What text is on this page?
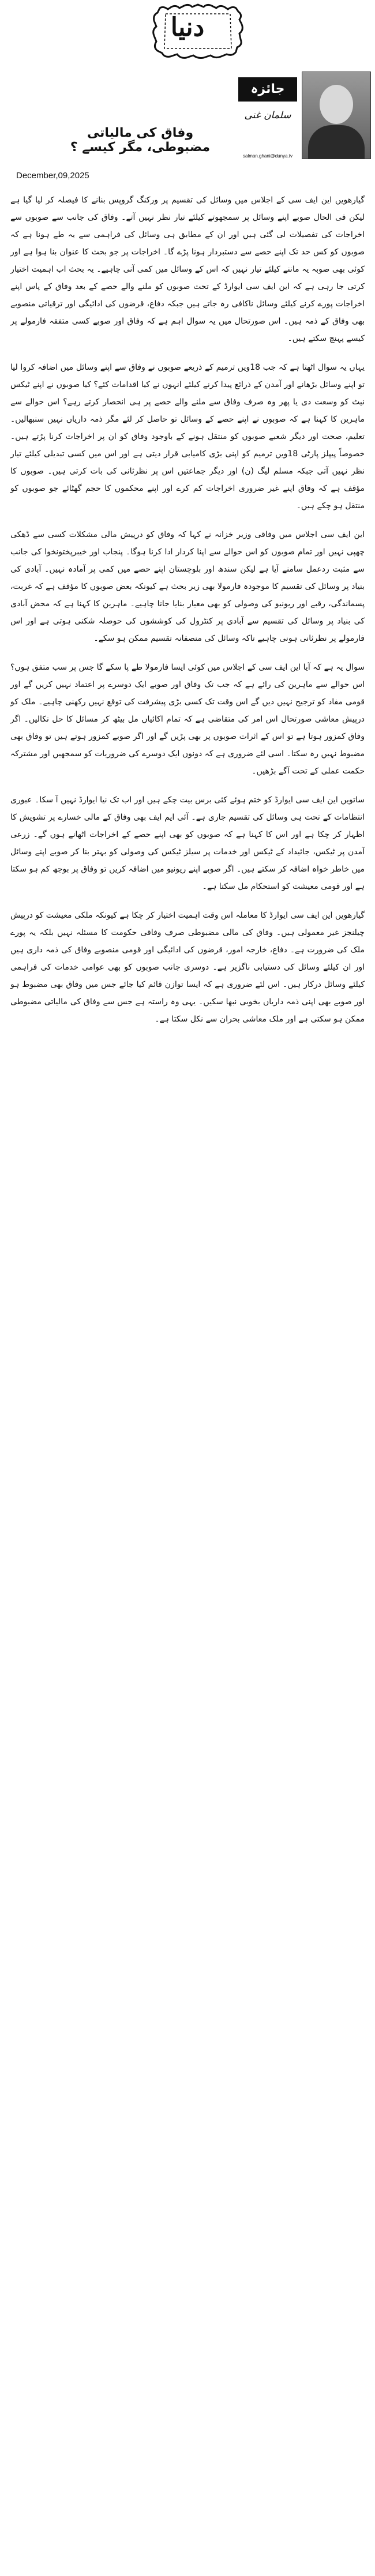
دنیا
وفاق کی مالیاتی مضبوطی، مگر کیسے ؟
December,09,2025
جائزہ
سلمان غنی
salman.ghani@dunya.tv

گیارھویں این ایف سی کے اجلاس میں وسائل کی تقسیم پر ورکنگ گروپس بنانے کا فیصلہ کر لیا گیا ہے لیکن فی الحال صوبے اپنے وسائل پر سمجھوتے کیلئے تیار نظر نہیں آتے۔ وفاق کی جانب سے صوبوں سے اخراجات کی تفصیلات لی گئی ہیں اور ان کے مطابق ہی وسائل کی فراہمی سے یہ طے ہونا ہے کہ صوبوں کو کس حد تک اپنے حصے سے دستبردار ہونا پڑے گا۔ اخراجات پر جو بحث کا عنوان بنا ہوا ہے اور کوئی بھی صوبہ یہ ماننے کیلئے تیار نہیں کہ اس کے وسائل میں کمی آنی چاہیے۔ یہ بحث اب اہمیت اختیار کرتی جا رہی ہے کہ این ایف سی ایوارڈ کے تحت صوبوں کو ملنے والے حصے کے بعد وفاق کے پاس اپنے اخراجات پورے کرنے کیلئے وسائل ناکافی رہ جاتے ہیں جبکہ دفاع، قرضوں کی ادائیگی اور ترقیاتی منصوبے بھی وفاق کے ذمہ ہیں۔ اس صورتحال میں یہ سوال اہم ہے کہ وفاق اور صوبے کسی متفقہ فارمولے پر کیسے پہنچ سکتے ہیں۔

یہاں یہ سوال اٹھتا ہے کہ جب 18ویں ترمیم کے ذریعے صوبوں نے وفاق سے اپنے وسائل میں اضافہ کروا لیا تو اپنے وسائل بڑھانے اور آمدن کے ذرائع پیدا کرنے کیلئے انہوں نے کیا اقدامات کئے؟ کیا صوبوں نے اپنے ٹیکس نیٹ کو وسعت دی یا پھر وہ صرف وفاق سے ملنے والے حصے پر ہی انحصار کرتے رہے؟ اس حوالے سے ماہرین کا کہنا ہے کہ صوبوں نے اپنے حصے کے وسائل تو حاصل کر لئے مگر ذمہ داریاں نہیں سنبھالیں۔ تعلیم، صحت اور دیگر شعبے صوبوں کو منتقل ہونے کے باوجود وفاق کو ان پر اخراجات کرنا پڑتے ہیں۔ خصوصاً پیپلز پارٹی 18ویں ترمیم کو اپنی بڑی کامیابی قرار دیتی ہے اور اس میں کسی تبدیلی کیلئے تیار نظر نہیں آتی جبکہ مسلم لیگ (ن) اور دیگر جماعتیں اس پر نظرثانی کی بات کرتی ہیں۔ صوبوں کا مؤقف ہے کہ وفاق اپنے غیر ضروری اخراجات کم کرے اور اپنے محکموں کا حجم گھٹائے جو صوبوں کو منتقل ہو چکے ہیں۔

این ایف سی اجلاس میں وفاقی وزیر خزانہ نے کہا کہ وفاق کو درپیش مالی مشکلات کسی سے ڈھکی چھپی نہیں اور تمام صوبوں کو اس حوالے سے اپنا کردار ادا کرنا ہوگا۔ پنجاب اور خیبرپختونخوا کی جانب سے مثبت ردعمل سامنے آیا ہے لیکن سندھ اور بلوچستان اپنے حصے میں کمی پر آمادہ نہیں۔ آبادی کی بنیاد پر وسائل کی تقسیم کا موجودہ فارمولا بھی زیر بحث ہے کیونکہ بعض صوبوں کا مؤقف ہے کہ غربت، پسماندگی، رقبے اور ریونیو کی وصولی کو بھی معیار بنایا جانا چاہیے۔ ماہرین کا کہنا ہے کہ محض آبادی کی بنیاد پر وسائل کی تقسیم سے آبادی پر کنٹرول کی کوششوں کی حوصلہ شکنی ہوتی ہے اور اس فارمولے پر نظرثانی ہونی چاہیے تاکہ وسائل کی منصفانہ تقسیم ممکن ہو سکے۔

سوال یہ ہے کہ آیا این ایف سی کے اجلاس میں کوئی ایسا فارمولا طے پا سکے گا جس پر سب متفق ہوں؟ اس حوالے سے ماہرین کی رائے ہے کہ جب تک وفاق اور صوبے ایک دوسرے پر اعتماد نہیں کریں گے اور قومی مفاد کو ترجیح نہیں دیں گے اس وقت تک کسی بڑی پیشرفت کی توقع نہیں رکھنی چاہیے۔ ملک کو درپیش معاشی صورتحال اس امر کی متقاضی ہے کہ تمام اکائیاں مل بیٹھ کر مسائل کا حل نکالیں۔ اگر وفاق کمزور ہوتا ہے تو اس کے اثرات صوبوں پر بھی پڑیں گے اور اگر صوبے کمزور ہوتے ہیں تو وفاق بھی مضبوط نہیں رہ سکتا۔ اسی لئے ضروری ہے کہ دونوں ایک دوسرے کی ضروریات کو سمجھیں اور مشترکہ حکمت عملی کے تحت آگے بڑھیں۔

ساتویں این ایف سی ایوارڈ کو ختم ہوئے کئی برس بیت چکے ہیں اور اب تک نیا ایوارڈ نہیں آ سکا۔ عبوری انتظامات کے تحت ہی وسائل کی تقسیم جاری ہے۔ آئی ایم ایف بھی وفاق کے مالی خسارے پر تشویش کا اظہار کر چکا ہے اور اس کا کہنا ہے کہ صوبوں کو بھی اپنے حصے کے اخراجات اٹھانے ہوں گے۔ زرعی آمدن پر ٹیکس، جائیداد کے ٹیکس اور خدمات پر سیلز ٹیکس کی وصولی کو بہتر بنا کر صوبے اپنے وسائل میں خاطر خواہ اضافہ کر سکتے ہیں۔ اگر صوبے اپنے ریونیو میں اضافہ کریں تو وفاق پر بوجھ کم ہو سکتا ہے اور قومی معیشت کو استحکام مل سکتا ہے۔

گیارھویں این ایف سی ایوارڈ کا معاملہ اس وقت اہمیت اختیار کر چکا ہے کیونکہ ملکی معیشت کو درپیش چیلنجز غیر معمولی ہیں۔ وفاق کی مالی مضبوطی صرف وفاقی حکومت کا مسئلہ نہیں بلکہ یہ پورے ملک کی ضرورت ہے۔ دفاع، خارجہ امور، قرضوں کی ادائیگی اور قومی منصوبے وفاق کی ذمہ داری ہیں اور ان کیلئے وسائل کی دستیابی ناگزیر ہے۔ دوسری جانب صوبوں کو بھی عوامی خدمات کی فراہمی کیلئے وسائل درکار ہیں۔ اس لئے ضروری ہے کہ ایسا توازن قائم کیا جائے جس میں وفاق بھی مضبوط ہو اور صوبے بھی اپنی ذمہ داریاں بخوبی نبھا سکیں۔ یہی وہ راستہ ہے جس سے وفاق کی مالیاتی مضبوطی ممکن ہو سکتی ہے اور ملک معاشی بحران سے نکل سکتا ہے۔
